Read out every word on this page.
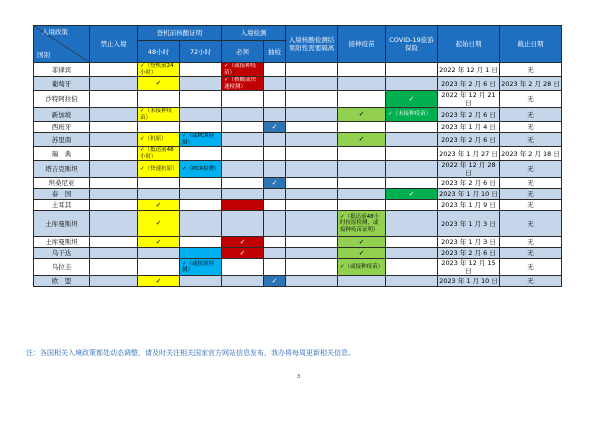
入境政策
国别	禁止入境	登机前核酸证明		入境检测		入境核酸检测结果阳性需要隔离	接种疫苗	COVID-19旅游保险	起始日期	截止日期
		48小时	72小时	必须	抽检					
菲律宾		✓（登机前24小时）		✓（或接种疫苗）					2022 年 12 月 1 日	无
葡萄牙		✓		✓（核酸或快速检测）					2023 年 2 月 6 日	2023 年 2 月 28 日
沙特阿拉伯								✓	2022 年 12 月 21 日	无
新加坡		✓（未接种疫苗）					✓	✓（未接种疫苗）	2023 年 2 月 6 日	无
西班牙					✓				2023 年 1 月 4 日	无
苏里南		✓（抗原）	✓（或PCR检测）				✓		2023 年 2 月 6 日	无
瑞　典		✓（抵达前48小时）							2023 年 1 月 27 日	2023 年 2 月 18 日
塔吉克斯坦		✓（快速抗原）	✓（PCR检测）						2022 年 12 月 28 日	无
坦桑尼亚					✓				2023 年 2 月 6 日	无
泰　国								✓	2023 年 1 月 10 日	无
土耳其		✓							2023 年 1 月 9 日	无
土库曼斯坦		✓					✓（抵达前48小时抗原检测，或接种疫苗证明）		2023 年 1 月 3 日	无
土库曼斯坦		✓		✓			✓		2023 年 1 月 3 日	无
乌干达				✓			✓		2023 年 2 月 6 日	无
乌拉圭			✓（或抗原检测）				✓（或接种疫苗）		2023 年 12 月 15 日	无
欧　盟		✓			✓				2023 年 1 月 10 日	无
注：各国相关入境政策都处动态调整，请及时关注相关国家官方网站信息发布，我办将每周更新相关信息。
3
